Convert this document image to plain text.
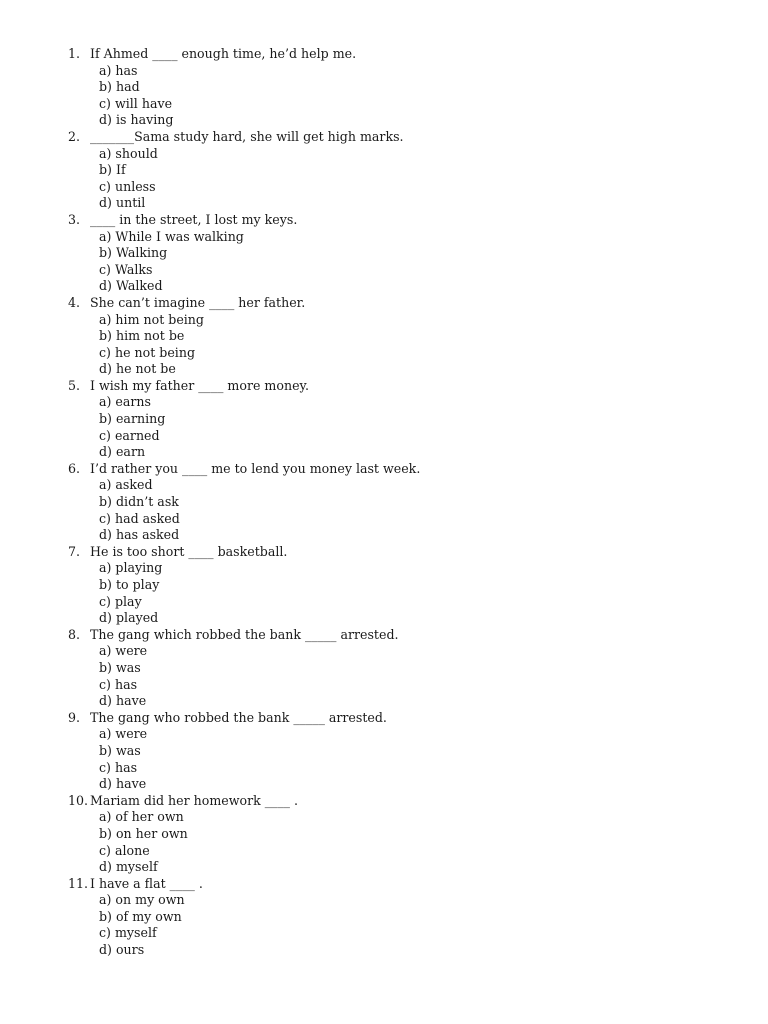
1. If Ahmed ____ enough time, he’d help me.
a) has
b) had
c) will have
d) is having
2. _______Sama study hard, she will get high marks.
a) should
b) If
c) unless
d) until
3. ____ in the street, I lost my keys.
a) While I was walking
b) Walking
c) Walks
d) Walked
4. She can’t imagine ____ her father.
a) him not being
b) him not be
c) he not being
d) he not be
5. I wish my father ____ more money.
a) earns
b) earning
c) earned
d) earn
6. I’d rather you ____ me to lend you money last week.
a) asked
b) didn’t ask
c) had asked
d) has asked
7. He is too short ____ basketball.
a) playing
b) to play
c) play
d) played
8. The gang which robbed the bank _____ arrested.
a) were
b) was
c) has
d) have
9. The gang who robbed the bank _____ arrested.
a) were
b) was
c) has
d) have
10. Mariam did her homework ____ .
a) of her own
b) on her own
c) alone
d) myself
11. I have a flat ____ .
a) on my own
b) of my own
c) myself
d) ours
